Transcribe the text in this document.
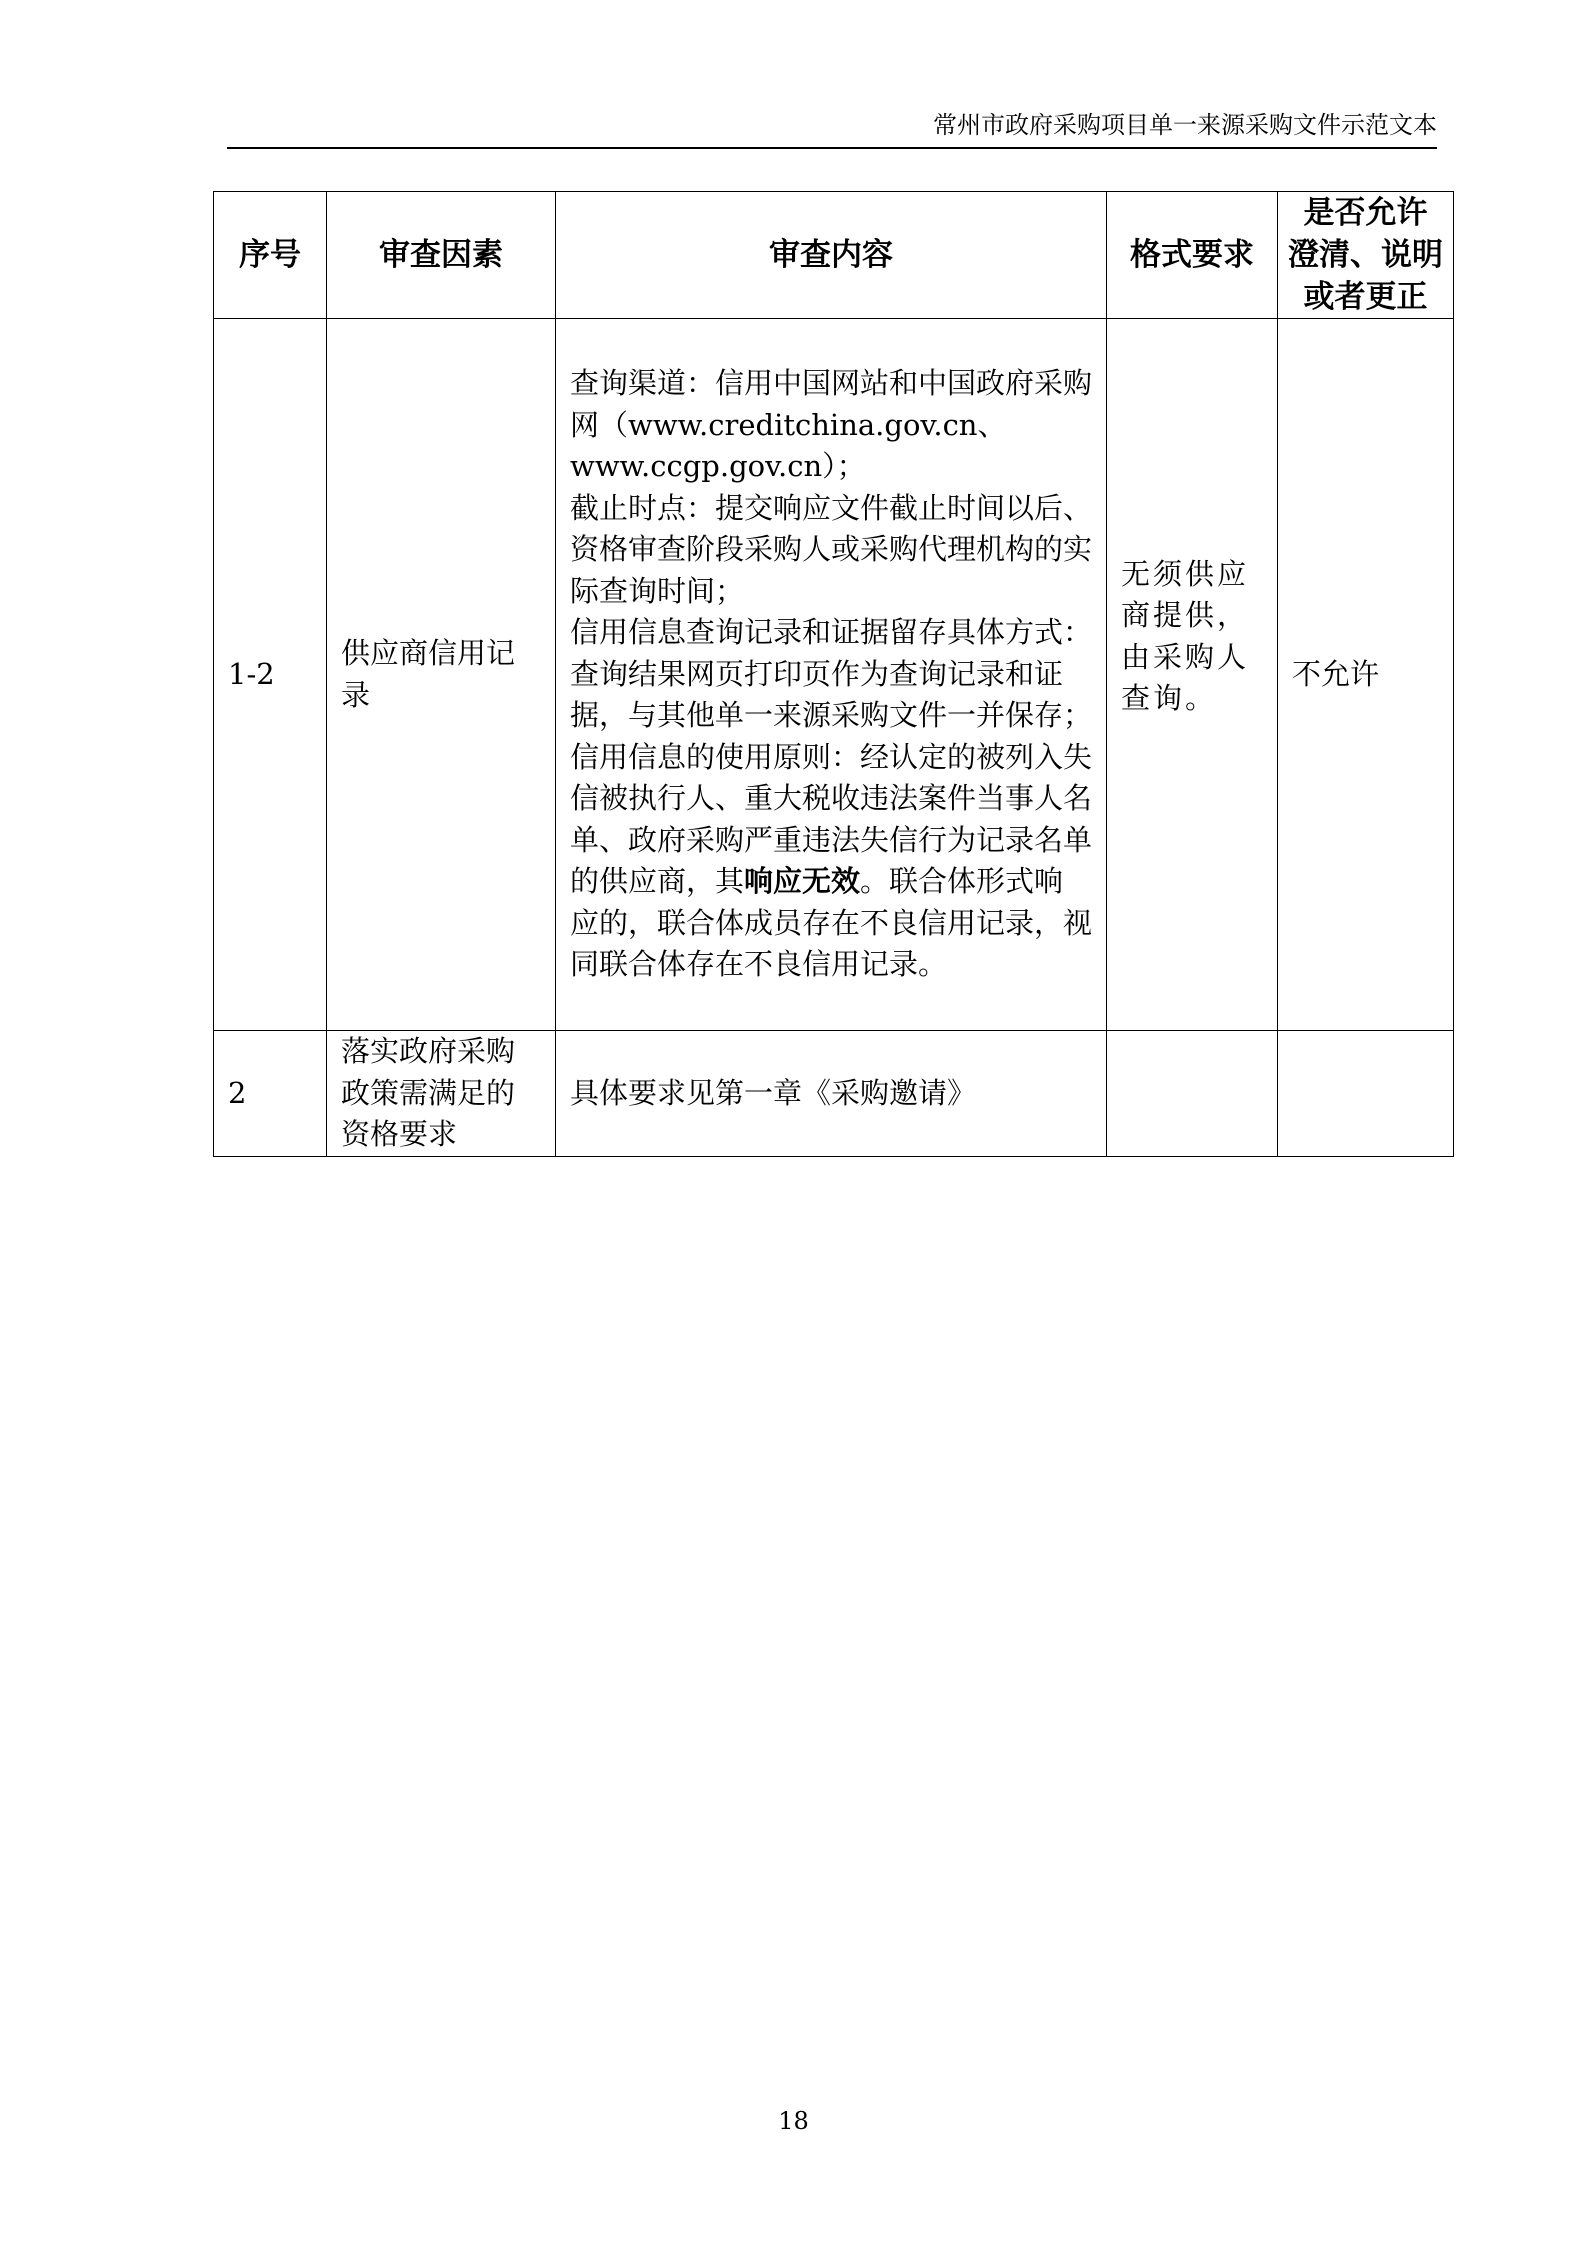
常州市政府采购项目单一来源采购文件示范文本
序号	审查因素	审查内容	格式要求	是否允许
澄清、说明
或者更正
1-2	供应商信用记录	查询渠道：信用中国网站和中国政府采购网（www.creditchina.gov.cn、www.ccgp.gov.cn）；
截止时点：提交响应文件截止时间以后、资格审查阶段采购人或采购代理机构的实际查询时间；
信用信息查询记录和证据留存具体方式：查询结果网页打印页作为查询记录和证据，与其他单一来源采购文件一并保存；
信用信息的使用原则：经认定的被列入失信被执行人、重大税收违法案件当事人名单、政府采购严重违法失信行为记录名单的供应商，其响应无效。联合体形式响应的，联合体成员存在不良信用记录，视同联合体存在不良信用记录。	无须供应商提供，由采购人查询。	不允许
2	落实政府采购政策需满足的资格要求	具体要求见第一章《采购邀请》		
18
